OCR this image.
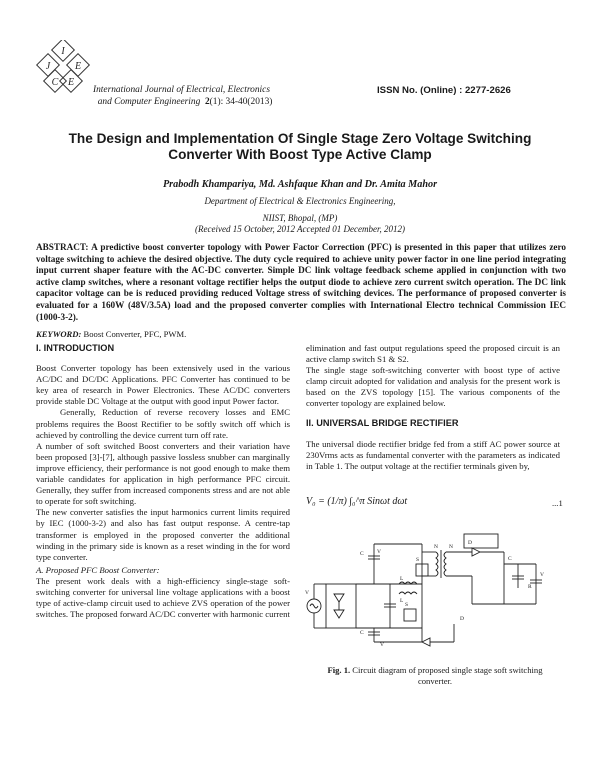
I
J E
C E
International Journal of Electrical, Electronics
and Computer Engineering 2(1): 34-40(2013)
ISSN No. (Online) : 2277-2626
The Design and Implementation Of Single Stage Zero Voltage Switching
Converter With Boost Type Active Clamp
Prabodh Khampariya, Md. Ashfaque Khan and Dr. Amita Mahor
Department of Electrical & Electronics Engineering,
NIIST, Bhopal, (MP)
(Received 15 October, 2012 Accepted 01 December, 2012)
ABSTRACT: A predictive boost converter topology with Power Factor Correction (PFC) is presented in this paper that utilizes zero voltage switching to achieve the desired objective. The duty cycle required to achieve unity power factor in one line period integrating input current shaper feature with the AC-DC converter. Simple DC link voltage feedback scheme applied in conjunction with two active clamp switches, where a resonant voltage rectifier helps the output diode to achieve zero current switch operation. The DC link capacitor voltage can be is reduced providing reduced Voltage stress of switching devices. The performance of proposed converter is evaluated for a 160W (48V/3.5A) load and the proposed converter complies with International Electro technical Commission IEC (1000-3-2).
KEYWORD: Boost Converter, PFC, PWM.
I. INTRODUCTION

Boost Converter topology has been extensively used in the various AC/DC and DC/DC Applications. PFC Converter has continued to be key area of research in Power Electronics. These AC/DC converters provide stable DC Voltage at the output with good input Power factor.

Generally, Reduction of reverse recovery losses and EMC problems requires the Boost Rectifier to be softly switch off which is achieved by controlling the device current turn off rate.

A number of soft switched Boost converters and their variation have been proposed [3]-[7], although passive lossless snubber can marginally improve efficiency, their performance is not good enough to make them variable candidates for application in high performance PFC circuit. Generally, they suffer from increased components stress and are not able to operate for soft switching.

The new converter satisfies the input harmonics current limits required by IEC (1000-3-2) and also has fast output response. A centre-tap transformer is employed in the proposed converter the additional winding in the primary side is known as a reset winding in the for word type converter.

A. Proposed PFC Boost Converter:

The present work deals with a high-efficiency single-stage soft-switching converter for universal line voltage applications with a boost type of active-clamp circuit used to achieve ZVS operation of the power switches. The proposed forward AC/DC converter with harmonic current

elimination and fast output regulations speed the proposed circuit is an active clamp switch S1 & S2.

The single stage soft-switching converter with boost type of active clamp circuit adopted for validation and analysis for the present work is based on the ZVS topology [15]. The various components of the converter topology are explained below.

II. UNIVERSAL BRIDGE RECTIFIER

The universal diode rectifier bridge fed from a stiff AC power source at 230Vrms acts as fundamental converter with the parameters as indicated in Table 1. The output voltage at the rectifier terminals given by,

V₀ = (1/π) ∫₀^π Sinωt dωt	...1
V
C
V
C
L
L
S
S
N N
D
C
V
R
D
V
Fig. 1. Circuit diagram of proposed single stage soft switching converter.
